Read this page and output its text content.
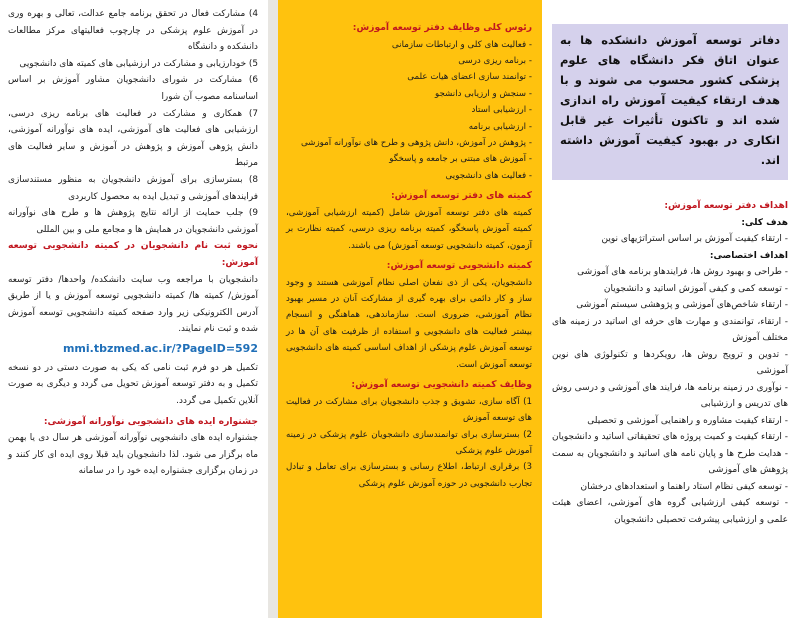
دفاتر توسعه آموزش دانشکده ها به عنوان اتاق فکر دانشگاه های علوم پزشکی کشور محسوب می شوند و با هدف ارتقاء کیفیت آموزش راه اندازی شده اند و تاکنون تأثیرات غیر قابل انکاری در بهبود کیفیت آموزش داشته اند.

اهداف دفتر توسعه آموزش:

هدف کلی:

- ارتقاء کیفیت آموزش بر اساس استراتژیهای نوین

اهداف اختصاصی:

- طراحی و بهبود روش ها، فرایندهاو برنامه های آموزشی

- توسعه کمی و کیفی آموزش اساتید و دانشجویان

- ارتقاء شاخص‌های آموزشی و پژوهشی سیستم آموزشی

- ارتقاء، توانمندی و مهارت های حرفه ای اساتید در زمینه های مختلف آموزش

- تدوین و ترویج روش ها، رویکردها و تکنولوژی های نوین آموزشی

- نوآوری در زمینه برنامه ها، فرایند های آموزشی و درسی روش های تدریس و ارزشیابی

- ارتقاء کیفیت مشاوره و راهنمایی آموزشی و تحصیلی

- ارتقاء کیفیت و کمیت پروژه های تحقیقاتی اساتید و دانشجویان

- هدایت طرح ها و پایان نامه های اساتید و دانشجویان به سمت پژوهش های آموزشی

- توسعه کیفی نظام استاد راهنما و استعدادهای درخشان

- توسعه کیفی ارزشیابی گروه های آموزشی، اعضای هیئت علمی و ارزشیابی پیشرفت تحصیلی دانشجویان

رئوس کلی وظایف دفتر توسعه آموزش:

- فعالیت های کلی و ارتباطات سازمانی

- برنامه ریزی درسی

- توانمند سازی اعضای هیات علمی

- سنجش و ارزیابی دانشجو

- ارزشیابی استاد

- ارزشیابی برنامه

- پژوهش در آموزش، دانش پژوهی و طرح های نوآورانه آموزشی

- آموزش های مبتنی بر جامعه و پاسخگو

- فعالیت های دانشجویی

کمیته های دفتر توسعه آموزش:

کمیته های دفتر توسعه آموزش شامل (کمیته ارزشیابی آموزشی، کمیته آموزش پاسخگو، کمیته برنامه ریزی درسی، کمیته نظارت بر آزمون، کمیته دانشجویی توسعه آموزش) می باشند.

کمیته دانشجویی توسعه آموزش:

دانشجویان، یکی از ذی نفعان اصلی نظام آموزشی هستند و وجود ساز و کار دائمی برای بهره گیری از مشارکت آنان در مسیر بهبود نظام آموزشی، ضروری است. سازماندهی، هماهنگی و انسجام بیشتر فعالیت های دانشجویی و استفاده از ظرفیت های آن ها در توسعه آموزش علوم پزشکی از اهداف اساسی کمیته های دانشجویی توسعه آموزش است.

وظایف کمیته دانشجویی توسعه آموزش:

1) آگاه سازی، تشویق و جذب دانشجویان برای مشارکت در فعالیت های توسعه آموزش

2) بسترسازی برای توانمندسازی دانشجویان علوم پزشکی در زمینه آموزش علوم پزشکی

3) برقراری ارتباط، اطلاع رسانی و بسترسازی برای تعامل و تبادل تجارب دانشجویی در حوزه آموزش علوم پزشکی

4) مشارکت فعال در تحقق برنامه جامع عدالت، تعالی و بهره وری در آموزش علوم پزشکی در چارچوب فعالیتهای مرکز مطالعات دانشکده و دانشگاه

5) خودارزیابی و مشارکت در ارزشیابی های کمیته های دانشجویی

6) مشارکت در شورای دانشجویان مشاور آموزش بر اساس اساسنامه مصوب آن شورا

7) همکاری و مشارکت در فعالیت های برنامه ریزی درسی، ارزشیابی های فعالیت های آموزشی، ایده های نوآورانه آموزشی، دانش پژوهی آموزش و پژوهش در آموزش و سایر فعالیت های مرتبط

8) بسترسازی برای آموزش دانشجویان به منظور مستندسازی فرایندهای آموزشی و تبدیل ایده به محصول کاربردی

9) جلب حمایت از ارائه نتایج پژوهش ها و طرح های نوآورانه آموزشی دانشجویان در همایش ها و مجامع ملی و بین المللی

نحوه ثبت نام دانشجویان در کمیته دانشجویی توسعه آموزش:

دانشجویان با مراجعه وب سایت دانشکده/ واحدها/ دفتر توسعه آموزش/ کمیته ها/ کمیته دانشجویی توسعه آموزش و یا از طریق آدرس الکترونیکی زیر وارد صفحه کمیته دانشجویی توسعه آموزش شده و ثبت نام نمایند.

mmi.tbzmed.ac.ir/?PageID=592

تکمیل هر دو فرم ثبت نامی که یکی به صورت دستی در دو نسخه تکمیل و به دفتر توسعه آموزش تحویل می گردد و دیگری به صورت آنلاین تکمیل می گردد.

جشنواره ایده های دانشجویی نوآورانه آموزشی:

جشنواره ایده های دانشجویی نوآورانه آموزشی هر سال دی یا بهمن ماه برگزار می شود. لذا دانشجویان باید قبلا روی ایده ای کار کنند و در زمان برگزاری جشنواره ایده خود را در سامانه
